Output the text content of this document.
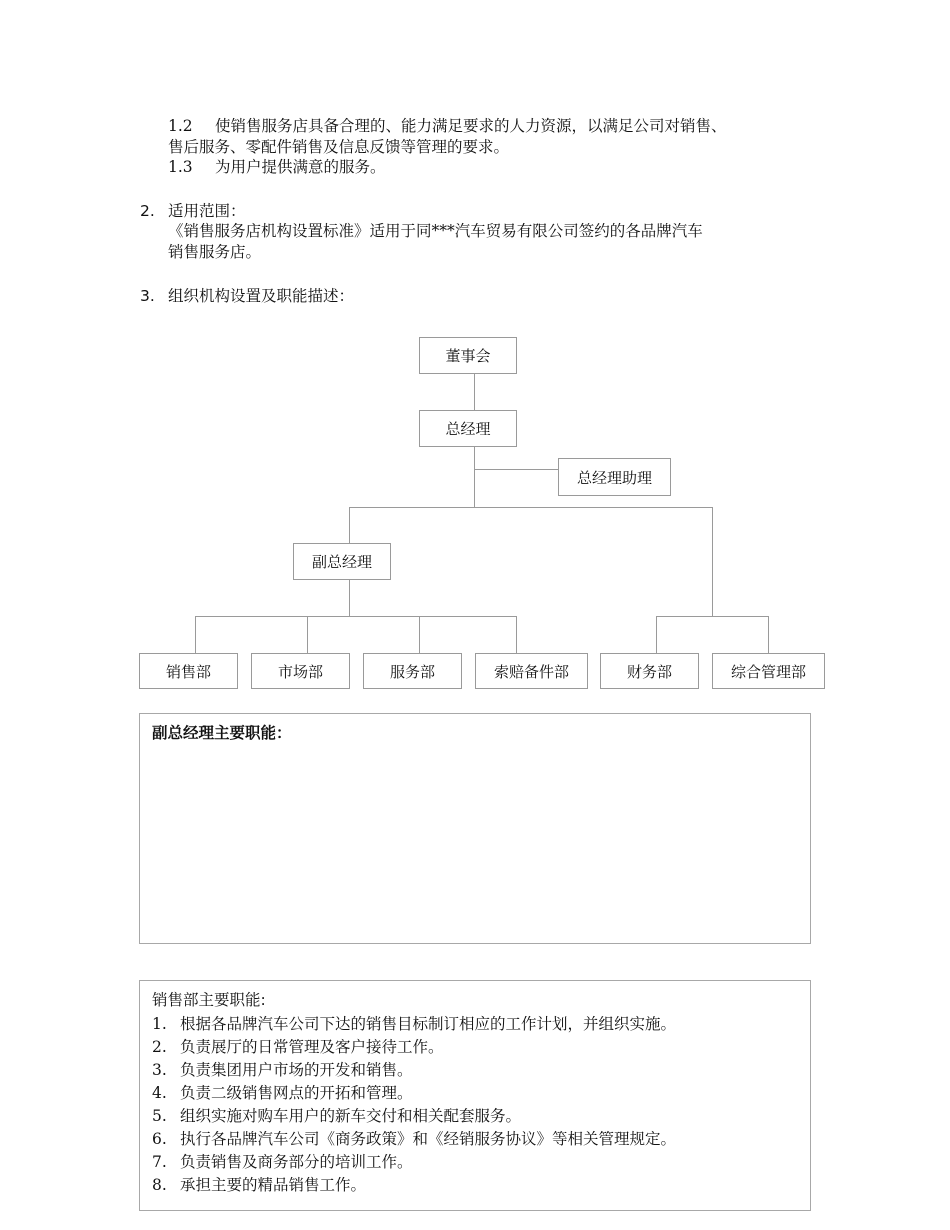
1.2 使销售服务店具备合理的、能力满足要求的人力资源，以满足公司对销售、
售后服务、零配件销售及信息反馈等管理的要求。
1.3 为用户提供满意的服务。
2. 适用范围：
《销售服务店机构设置标准》适用于同***汽车贸易有限公司签约的各品牌汽车
销售服务店。
3. 组织机构设置及职能描述：
董事会
总经理
总经理助理
副总经理
销售部	市场部	服务部	索赔备件部	财务部	综合管理部
副总经理主要职能：
销售部主要职能:
1. 根据各品牌汽车公司下达的销售目标制订相应的工作计划，并组织实施。
2. 负责展厅的日常管理及客户接待工作。
3. 负责集团用户市场的开发和销售。
4. 负责二级销售网点的开拓和管理。
5. 组织实施对购车用户的新车交付和相关配套服务。
6. 执行各品牌汽车公司《商务政策》和《经销服务协议》等相关管理规定。
7. 负责销售及商务部分的培训工作。
8. 承担主要的精品销售工作。
